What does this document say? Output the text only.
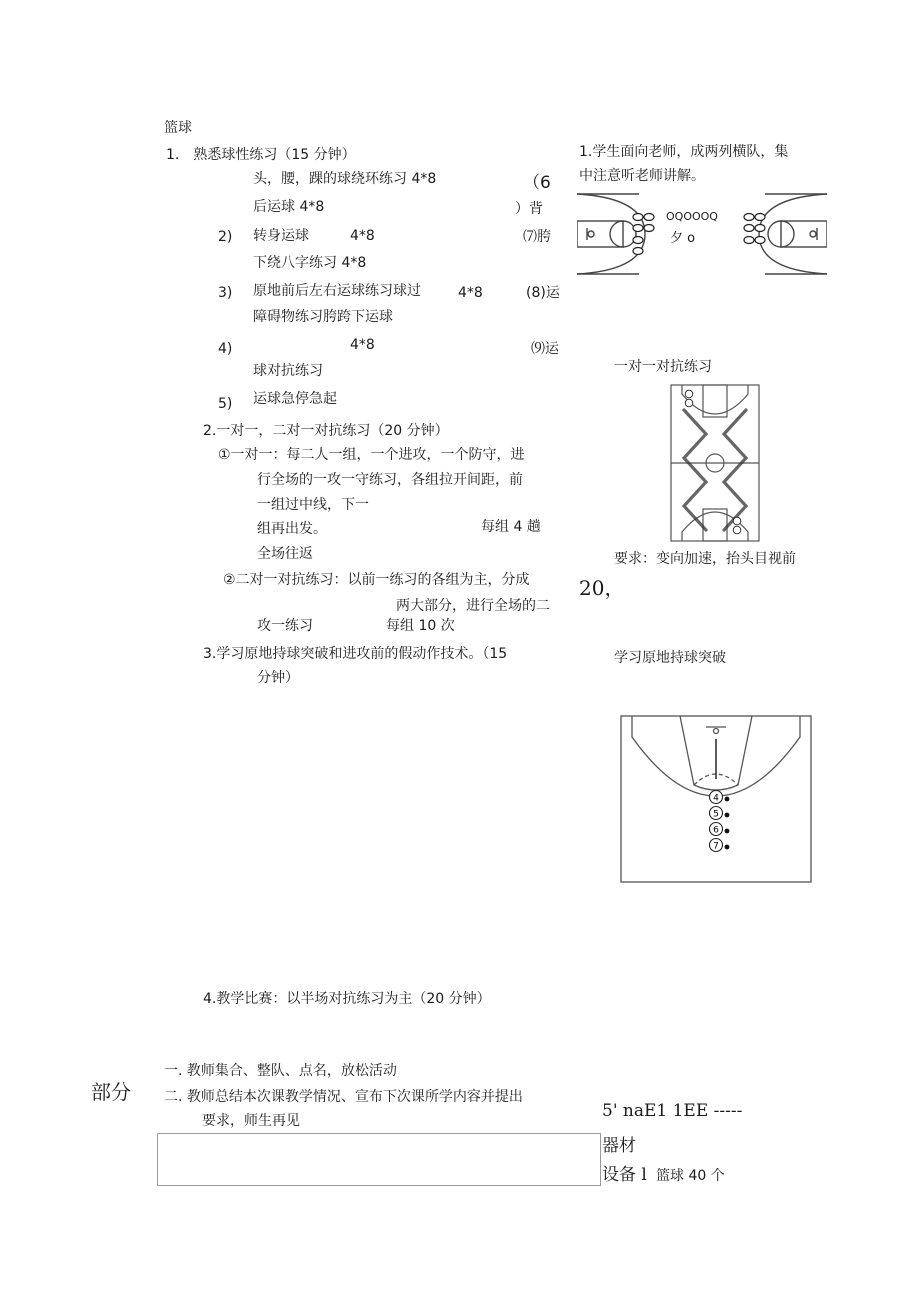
篮球
1.　熟悉球性练习（15 分钟）
头，腰，踝的球绕环练习 4*8	（6
后运球 4*8	）背
2) 转身运球	4*8	⑺胯
下绕八字练习 4*8
3) 原地前后左右运球练习球过	4*8	(8)运
障碍物练习胯跨下运球
4)	4*8	⑼运
球对抗练习
5) 运球急停急起
2.一对一，二对一对抗练习（20 分钟）
①一对一：每二人一组，一个进攻，一个防守，进
行全场的一攻一守练习，各组拉开间距，前
一组过中线，下一
组再出发。	每组 4 趟
全场往返
②二对一对抗练习：以前一练习的各组为主，分成
两大部分，进行全场的二
攻一练习	每组 10 次
3.学习原地持球突破和进攻前的假动作技术。（15
分钟）
4.教学比赛：以半场对抗练习为主（20 分钟）
1.学生面向老师，成两列横队，集
中注意听老师讲解。
OQOOOQ
夕 o
一对一对抗练习
要求：变向加速，抬头目视前
20，
学习原地持球突破
4
5
6
7
部分
一. 教师集合、整队、点名，放松活动
二. 教师总结本次课教学情况、宣布下次课所学内容并提出
要求，师生再见	5' naE1 1EE -----
器材
设备 l 篮球 40 个
